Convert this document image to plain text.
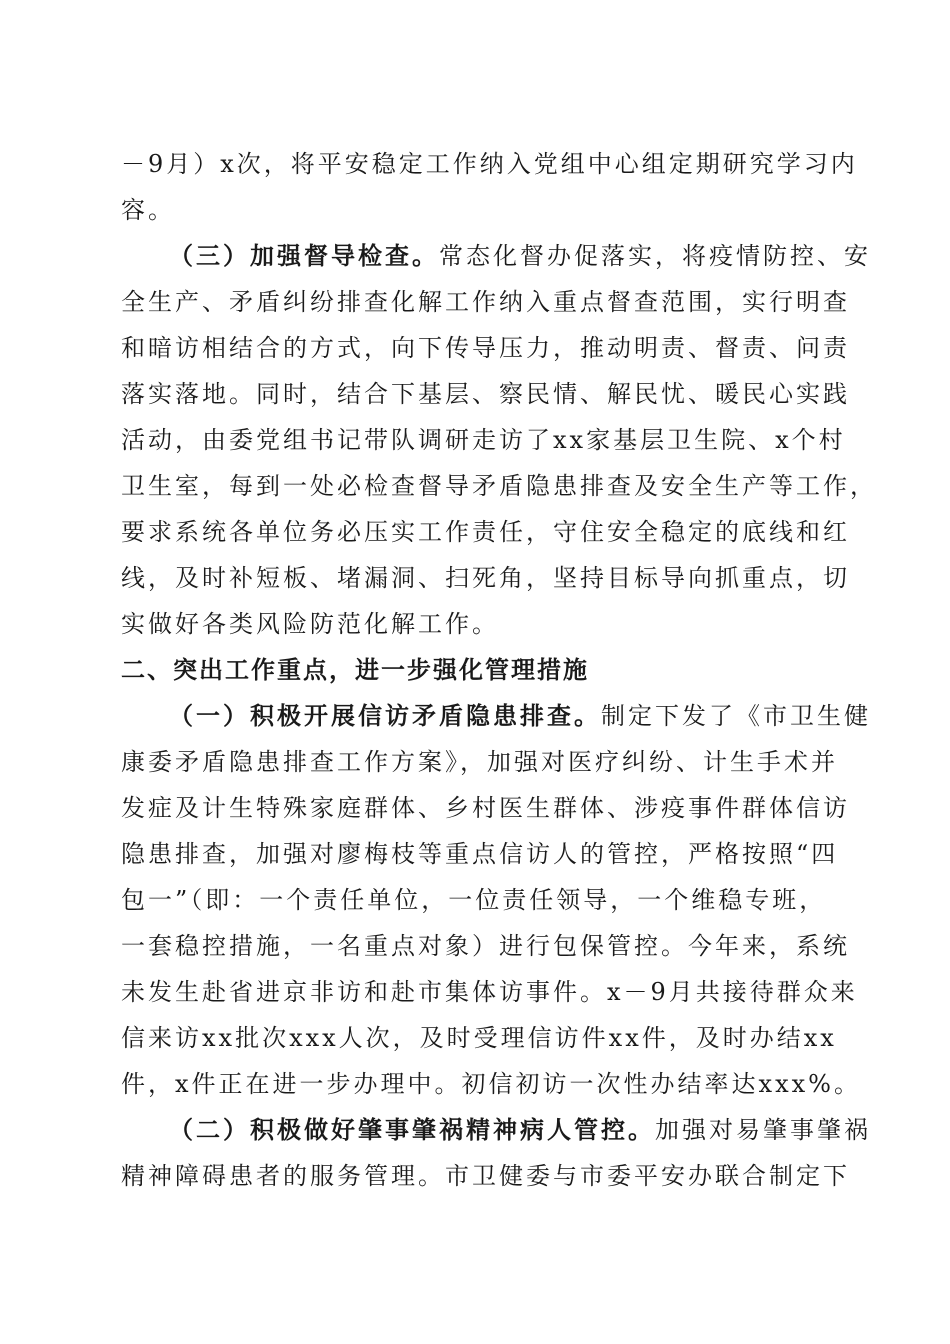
－9月）x次，将平安稳定工作纳入党组中心组定期研究学习内
容。
（三）加强督导检查。常态化督办促落实，将疫情防控、安
全生产、矛盾纠纷排查化解工作纳入重点督查范围，实行明查
和暗访相结合的方式，向下传导压力，推动明责、督责、问责
落实落地。同时，结合下基层、察民情、解民忧、暖民心实践
活动，由委党组书记带队调研走访了xx家基层卫生院、x个村
卫生室，每到一处必检查督导矛盾隐患排查及安全生产等工作，
要求系统各单位务必压实工作责任，守住安全稳定的底线和红
线，及时补短板、堵漏洞、扫死角，坚持目标导向抓重点，切
实做好各类风险防范化解工作。
二、突出工作重点，进一步强化管理措施
（一）积极开展信访矛盾隐患排查。制定下发了《市卫生健
康委矛盾隐患排查工作方案》，加强对医疗纠纷、计生手术并
发症及计生特殊家庭群体、乡村医生群体、涉疫事件群体信访
隐患排查，加强对廖梅枝等重点信访人的管控，严格按照“四
包一”（即：一个责任单位，一位责任领导，一个维稳专班，
一套稳控措施，一名重点对象）进行包保管控。今年来，系统
未发生赴省进京非访和赴市集体访事件。x－9月共接待群众来
信来访xx批次xxx人次，及时受理信访件xx件，及时办结xx
件，x件正在进一步办理中。初信初访一次性办结率达xxx%。
（二）积极做好肇事肇祸精神病人管控。加强对易肇事肇祸
精神障碍患者的服务管理。市卫健委与市委平安办联合制定下
